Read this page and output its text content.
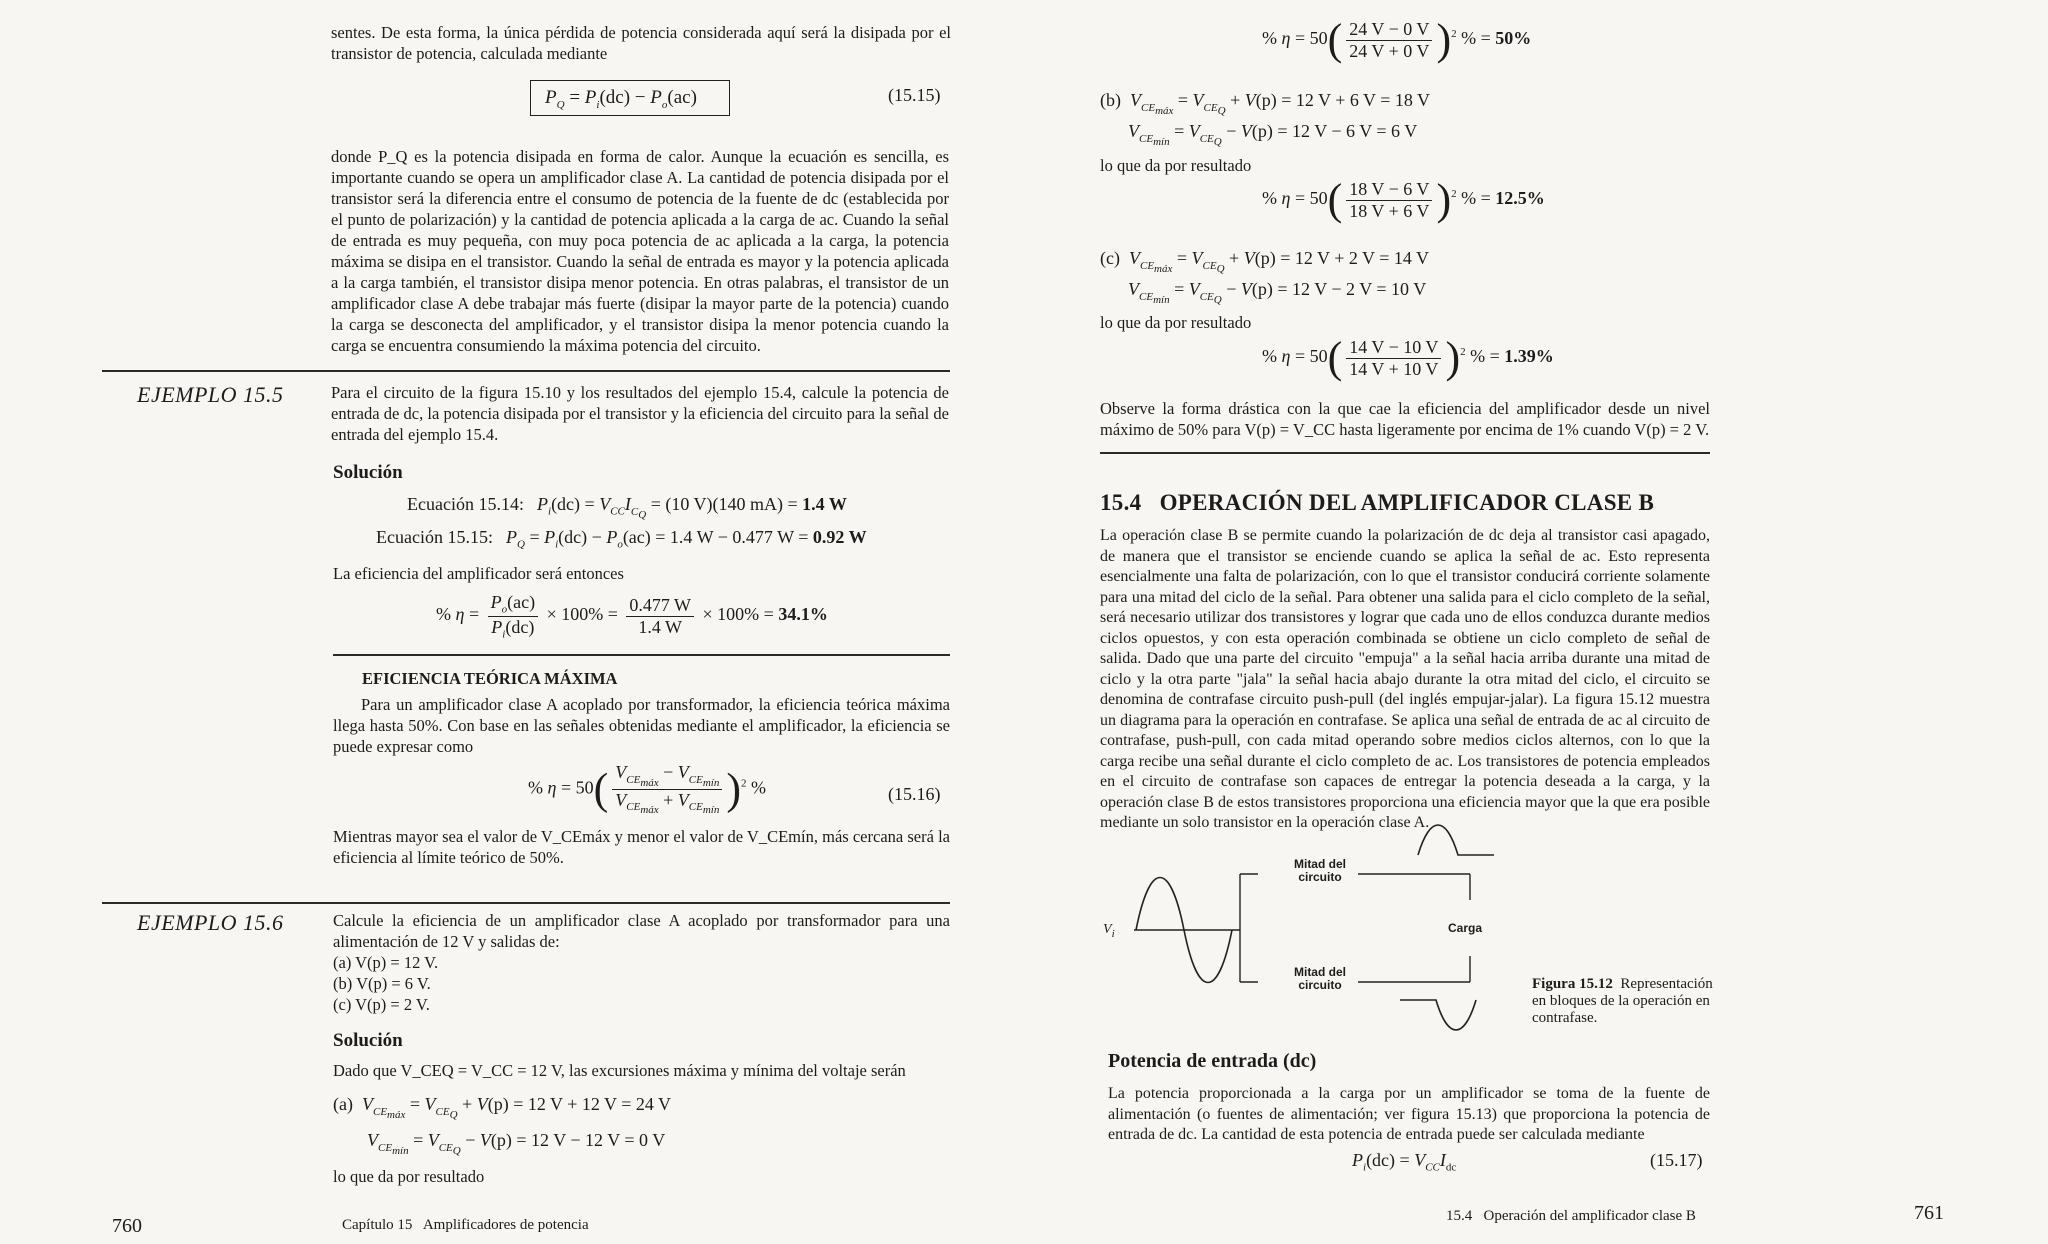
sentes. De esta forma, la única pérdida de potencia considerada aquí será la disipada por el transistor de potencia, calculada mediante
$P_Q = P_i(dc) - P_o(ac)$	(15.15)
donde P_Q es la potencia disipada en forma de calor. Aunque la ecuación es sencilla, es importante cuando se opera un amplificador clase A. La cantidad de potencia disipada por el transistor será la diferencia entre el consumo de potencia de la fuente de dc (establecida por el punto de polarización) y la cantidad de potencia aplicada a la carga de ac. Cuando la señal de entrada es muy pequeña, con muy poca potencia de ac aplicada a la carga, la potencia máxima se disipa en el transistor. Cuando la señal de entrada es mayor y la potencia aplicada a la carga también, el transistor disipa menor potencia. En otras palabras, el transistor de un amplificador clase A debe trabajar más fuerte (disipar la mayor parte de la potencia) cuando la carga se desconecta del amplificador, y el transistor disipa la menor potencia cuando la carga se encuentra consumiendo la máxima potencia del circuito.
EJEMPLO 15.5	Para el circuito de la figura 15.10 y los resultados del ejemplo 15.4, calcule la potencia de entrada de dc, la potencia disipada por el transistor y la eficiencia del circuito para la señal de entrada del ejemplo 15.4.
Solución
Ecuación 15.14: $P_i(dc) = V_{CC}I_{C_Q} = (10$ V)(140 mA) = 1.4 W
Ecuación 15.15: $P_Q = P_i(dc) - P_o(ac) = 1.4$ W − 0.477 W = 0.92 W
La eficiencia del amplificador será entonces
% $\eta = \frac{P_o(ac)}{P_i(dc)} \times 100\% = \frac{0.477 W}{1.4 W} \times 100\% = 34.1\%$
EFICIENCIA TEÓRICA MÁXIMA
Para un amplificador clase A acoplado por transformador, la eficiencia teórica máxima llega hasta 50%. Con base en las señales obtenidas mediante el amplificador, la eficiencia se puede expresar como
% $\eta = 50( \frac{V_{CE_{máx}} - V_{CE_{mín}}}{V_{CE_{máx}} + V_{CE_{mín}}} )^2$ %	(15.16)
Mientras mayor sea el valor de V_CEmáx y menor el valor de V_CEmín, más cercana será la eficiencia al límite teórico de 50%.
EJEMPLO 15.6	Calcule la eficiencia de un amplificador clase A acoplado por transformador para una alimentación de 12 V y salidas de:
(a) V(p) = 12 V.
(b) V(p) = 6 V.
(c) V(p) = 2 V.
Solución
Dado que V_CEQ = V_CC = 12 V, las excursiones máxima y mínima del voltaje serán
(a)  $V_{CE_{máx}} = V_{CE_Q} + V(p) = 12$ V + 12 V = 24 V
$V_{CE_{mín}} = V_{CE_Q} - V(p) = 12$ V − 12 V = 0 V
lo que da por resultado
760	Capítulo 15   Amplificadores de potencia
% $\eta = 50( \frac{24 V - 0 V}{24 V + 0 V} )^2$ % = 50%
(b)  $V_{CE_{máx}} = V_{CE_Q} + V(p) = 12$ V + 6 V = 18 V
$V_{CE_{mín}} = V_{CE_Q} - V(p) = 12$ V − 6 V = 6 V
lo que da por resultado
% $\eta = 50( \frac{18 V - 6 V}{18 V + 6 V} )^2$ % = 12.5%
(c)  $V_{CE_{máx}} = V_{CE_Q} + V(p) = 12$ V + 2 V = 14 V
$V_{CE_{mín}} = V_{CE_Q} - V(p) = 12$ V − 2 V = 10 V
lo que da por resultado
% $\eta = 50( \frac{14 V - 10 V}{14 V + 10 V} )^2$ % = 1.39%
Observe la forma drástica con la que cae la eficiencia del amplificador desde un nivel máximo de 50% para V(p) = V_CC hasta ligeramente por encima de 1% cuando V(p) = 2 V.
15.4   OPERACIÓN DEL AMPLIFICADOR CLASE B
La operación clase B se permite cuando la polarización de dc deja al transistor casi apagado, de manera que el transistor se enciende cuando se aplica la señal de ac. Esto representa esencialmente una falta de polarización, con lo que el transistor conducirá corriente solamente para una mitad del ciclo de la señal. Para obtener una salida para el ciclo completo de la señal, será necesario utilizar dos transistores y lograr que cada uno de ellos conduzca durante medios ciclos opuestos, y con esta operación combinada se obtiene un ciclo completo de señal de salida. Dado que una parte del circuito "empuja" a la señal hacia arriba durante una mitad de ciclo y la otra parte "jala" la señal hacia abajo durante la otra mitad del ciclo, el circuito se denomina de contrafase circuito push-pull (del inglés empujar-jalar). La figura 15.12 muestra un diagrama para la operación en contrafase. Se aplica una señal de entrada de ac al circuito de contrafase, push-pull, con cada mitad operando sobre medios ciclos alternos, con lo que la carga recibe una señal durante el ciclo completo de ac. Los transistores de potencia empleados en el circuito de contrafase son capaces de entregar la potencia deseada a la carga, y la operación clase B de estos transistores proporciona una eficiencia mayor que la que era posible mediante un solo transistor en la operación clase A.
Mitad del circuito
Mitad del circuito
Carga
$V_i$
Figura 15.12 Representación en bloques de la operación en contrafase.
Potencia de entrada (dc)
La potencia proporcionada a la carga por un amplificador se toma de la fuente de alimentación (o fuentes de alimentación; ver figura 15.13) que proporciona la potencia de entrada de dc. La cantidad de esta potencia de entrada puede ser calculada mediante
$P_i(dc) = V_{CC}I_{dc}$	(15.17)
15.4   Operación del amplificador clase B	761
